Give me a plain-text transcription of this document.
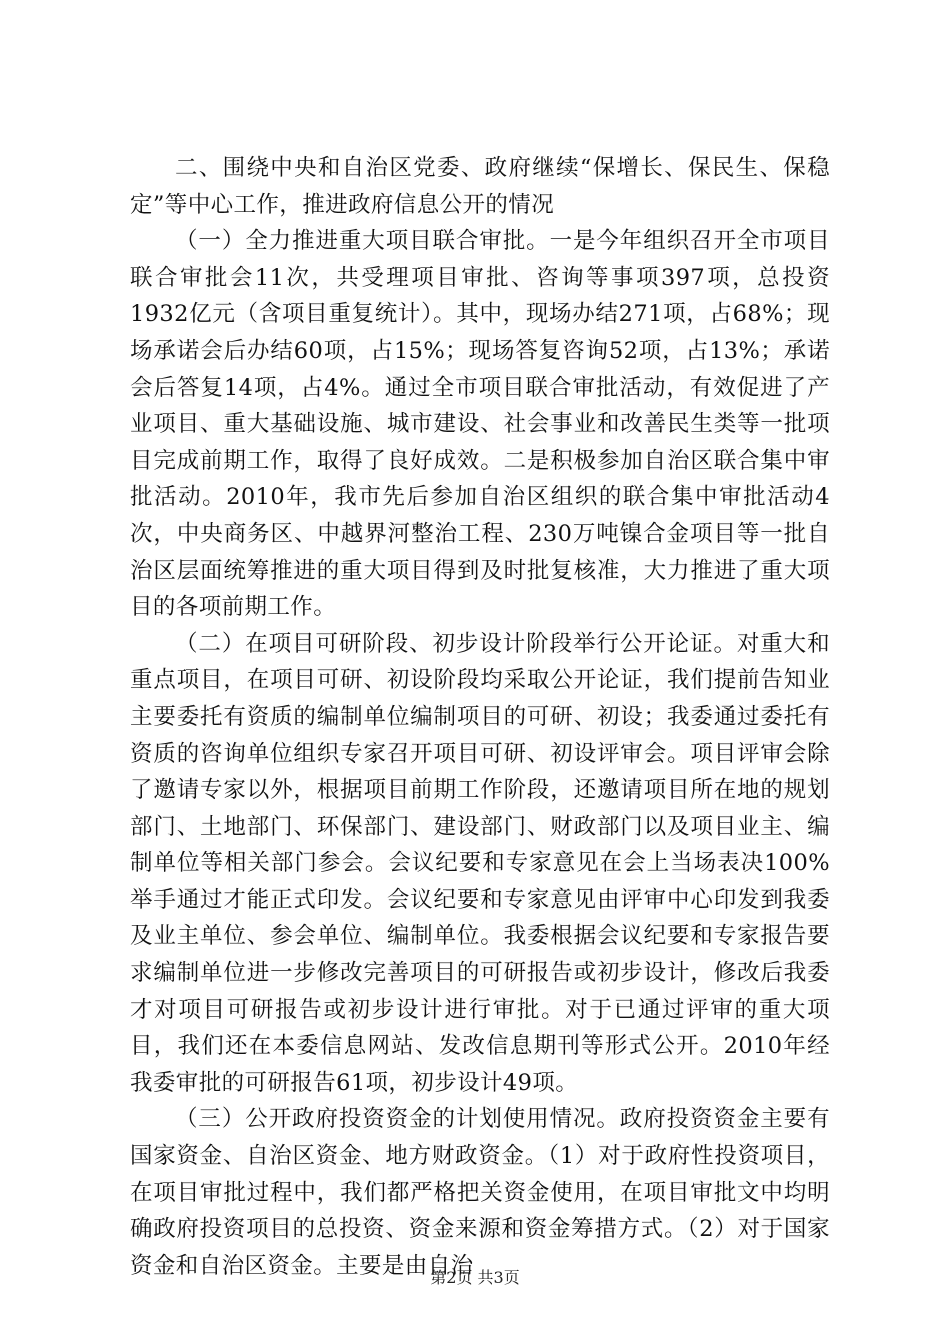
二、围绕中央和自治区党委、政府继续“保增长、保民生、保稳定”等中心工作，推进政府信息公开的情况

（一）全力推进重大项目联合审批。一是今年组织召开全市项目联合审批会11次，共受理项目审批、咨询等事项397项，总投资1932亿元（含项目重复统计）。其中，现场办结271项，占68%；现场承诺会后办结60项，占15%；现场答复咨询52项，占13%；承诺会后答复14项，占4%。通过全市项目联合审批活动，有效促进了产业项目、重大基础设施、城市建设、社会事业和改善民生类等一批项目完成前期工作，取得了良好成效。二是积极参加自治区联合集中审批活动。2010年，我市先后参加自治区组织的联合集中审批活动4次，中央商务区、中越界河整治工程、230万吨镍合金项目等一批自治区层面统筹推进的重大项目得到及时批复核准，大力推进了重大项目的各项前期工作。

（二）在项目可研阶段、初步设计阶段举行公开论证。对重大和重点项目，在项目可研、初设阶段均采取公开论证，我们提前告知业主要委托有资质的编制单位编制项目的可研、初设；我委通过委托有资质的咨询单位组织专家召开项目可研、初设评审会。项目评审会除了邀请专家以外，根据项目前期工作阶段，还邀请项目所在地的规划部门、土地部门、环保部门、建设部门、财政部门以及项目业主、编制单位等相关部门参会。会议纪要和专家意见在会上当场表决100%举手通过才能正式印发。会议纪要和专家意见由评审中心印发到我委及业主单位、参会单位、编制单位。我委根据会议纪要和专家报告要求编制单位进一步修改完善项目的可研报告或初步设计，修改后我委才对项目可研报告或初步设计进行审批。对于已通过评审的重大项目，我们还在本委信息网站、发改信息期刊等形式公开。2010年经我委审批的可研报告61项，初步设计49项。

（三）公开政府投资资金的计划使用情况。政府投资资金主要有国家资金、自治区资金、地方财政资金。（1）对于政府性投资项目，在项目审批过程中，我们都严格把关资金使用，在项目审批文中均明确政府投资项目的总投资、资金来源和资金筹措方式。（2）对于国家资金和自治区资金。主要是由自治

第2页 共3页
